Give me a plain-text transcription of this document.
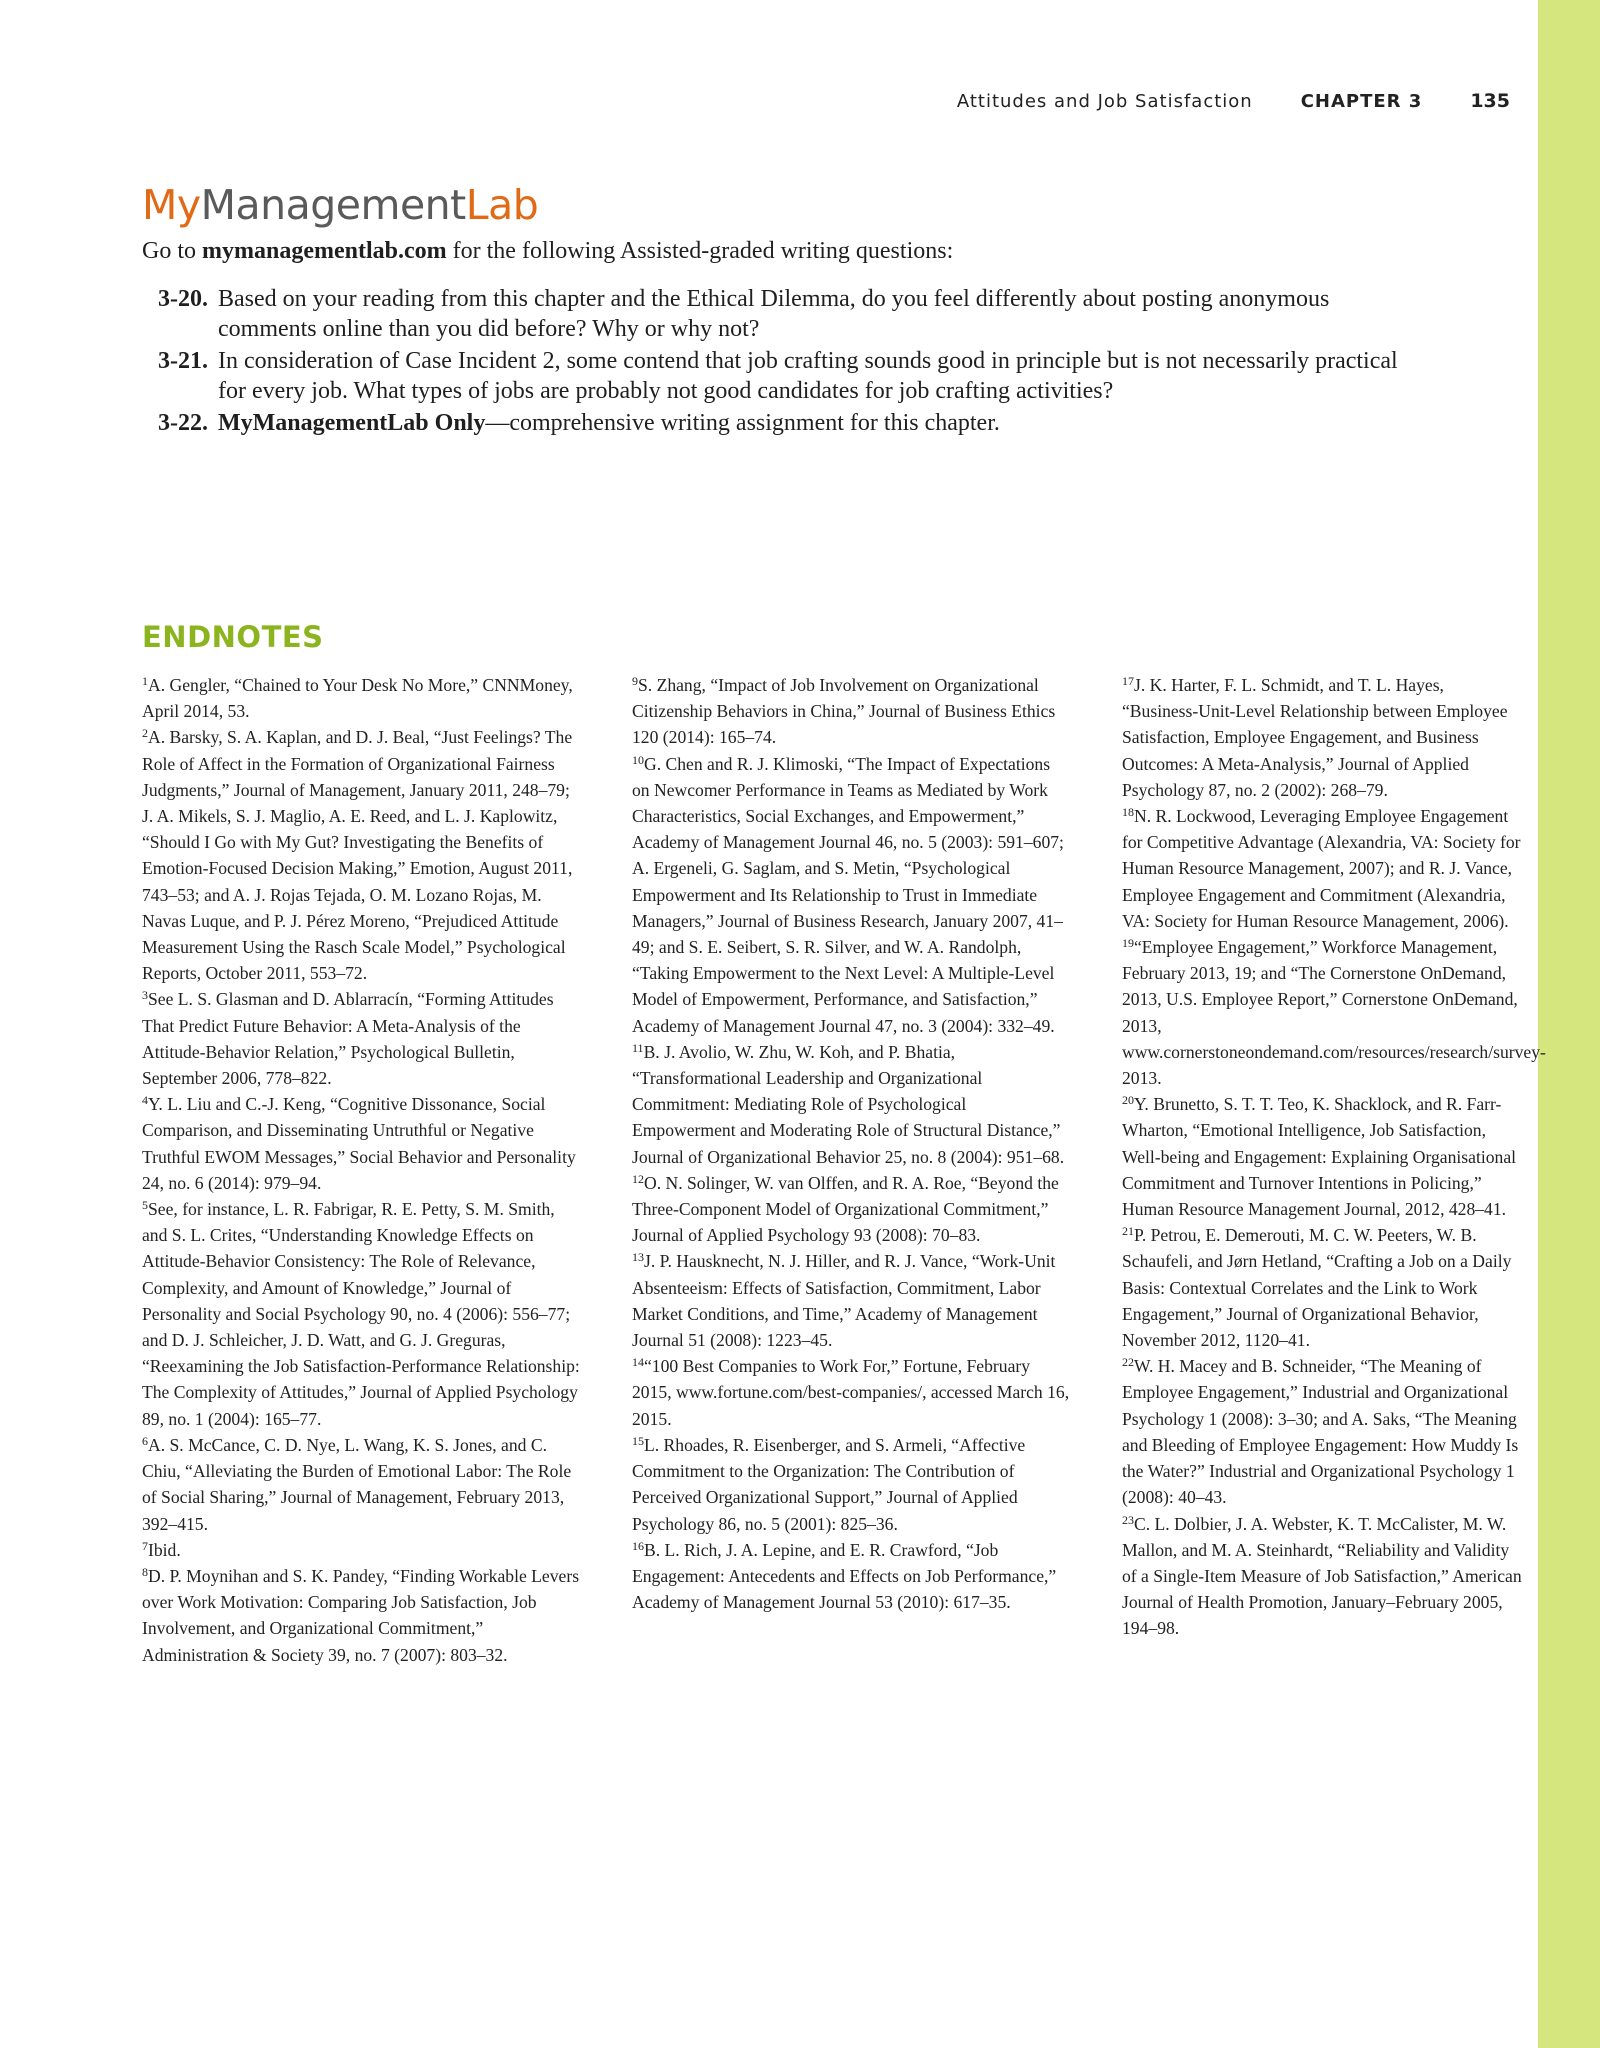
Attitudes and Job Satisfaction	CHAPTER 3	135
MyManagementLab
Go to mymanagementlab.com for the following Assisted-graded writing questions:
3-20. Based on your reading from this chapter and the Ethical Dilemma, do you feel differently about posting anonymous comments online than you did before? Why or why not?
3-21. In consideration of Case Incident 2, some contend that job crafting sounds good in principle but is not necessarily practical for every job. What types of jobs are probably not good candidates for job crafting activities?
3-22. MyManagementLab Only—comprehensive writing assignment for this chapter.
ENDNOTES

$^1$A. Gengler, “Chained to Your Desk No More,” CNNMoney, April 2014, 53.

$^2$A. Barsky, S. A. Kaplan, and D. J. Beal, “Just Feelings? The Role of Affect in the Formation of Organizational Fairness Judgments,” Journal of Management, January 2011, 248–79; J. A. Mikels, S. J. Maglio, A. E. Reed, and L. J. Kaplowitz, “Should I Go with My Gut? Investigating the Benefits of Emotion-Focused Decision Making,” Emotion, August 2011, 743–53; and A. J. Rojas Tejada, O. M. Lozano Rojas, M. Navas Luque, and P. J. Pérez Moreno, “Prejudiced Attitude Measurement Using the Rasch Scale Model,” Psychological Reports, October 2011, 553–72.

$^3$See L. S. Glasman and D. Ablarracín, “Forming Attitudes That Predict Future Behavior: A Meta-Analysis of the Attitude-Behavior Relation,” Psychological Bulletin, September 2006, 778–822.

$^4$Y. L. Liu and C.-J. Keng, “Cognitive Dissonance, Social Comparison, and Disseminating Untruthful or Negative Truthful EWOM Messages,” Social Behavior and Personality 24, no. 6 (2014): 979–94.

$^5$See, for instance, L. R. Fabrigar, R. E. Petty, S. M. Smith, and S. L. Crites, “Understanding Knowledge Effects on Attitude-Behavior Consistency: The Role of Relevance, Complexity, and Amount of Knowledge,” Journal of Personality and Social Psychology 90, no. 4 (2006): 556–77; and D. J. Schleicher, J. D. Watt, and G. J. Greguras, “Reexamining the Job Satisfaction-Performance Relationship: The Complexity of Attitudes,” Journal of Applied Psychology 89, no. 1 (2004): 165–77.

$^6$A. S. McCance, C. D. Nye, L. Wang, K. S. Jones, and C. Chiu, “Alleviating the Burden of Emotional Labor: The Role of Social Sharing,” Journal of Management, February 2013, 392–415.

$^7$Ibid.

$^8$D. P. Moynihan and S. K. Pandey, “Finding Workable Levers over Work Motivation: Comparing Job Satisfaction, Job Involvement, and Organizational Commitment,” Administration & Society 39, no. 7 (2007): 803–32.

$^9$S. Zhang, “Impact of Job Involvement on Organizational Citizenship Behaviors in China,” Journal of Business Ethics 120 (2014): 165–74.

$^{10}$G. Chen and R. J. Klimoski, “The Impact of Expectations on Newcomer Performance in Teams as Mediated by Work Characteristics, Social Exchanges, and Empowerment,” Academy of Management Journal 46, no. 5 (2003): 591–607; A. Ergeneli, G. Saglam, and S. Metin, “Psychological Empowerment and Its Relationship to Trust in Immediate Managers,” Journal of Business Research, January 2007, 41–49; and S. E. Seibert, S. R. Silver, and W. A. Randolph, “Taking Empowerment to the Next Level: A Multiple-Level Model of Empowerment, Performance, and Satisfaction,” Academy of Management Journal 47, no. 3 (2004): 332–49.

$^{11}$B. J. Avolio, W. Zhu, W. Koh, and P. Bhatia, “Transformational Leadership and Organizational Commitment: Mediating Role of Psychological Empowerment and Moderating Role of Structural Distance,” Journal of Organizational Behavior 25, no. 8 (2004): 951–68.

$^{12}$O. N. Solinger, W. van Olffen, and R. A. Roe, “Beyond the Three-Component Model of Organizational Commitment,” Journal of Applied Psychology 93 (2008): 70–83.

$^{13}$J. P. Hausknecht, N. J. Hiller, and R. J. Vance, “Work-Unit Absenteeism: Effects of Satisfaction, Commitment, Labor Market Conditions, and Time,” Academy of Management Journal 51 (2008): 1223–45.

$^{14}$“100 Best Companies to Work For,” Fortune, February 2015, www.fortune.com/best-companies/, accessed March 16, 2015.

$^{15}$L. Rhoades, R. Eisenberger, and S. Armeli, “Affective Commitment to the Organization: The Contribution of Perceived Organizational Support,” Journal of Applied Psychology 86, no. 5 (2001): 825–36.

$^{16}$B. L. Rich, J. A. Lepine, and E. R. Crawford, “Job Engagement: Antecedents and Effects on Job Performance,” Academy of Management Journal 53 (2010): 617–35.

$^{17}$J. K. Harter, F. L. Schmidt, and T. L. Hayes, “Business-Unit-Level Relationship between Employee Satisfaction, Employee Engagement, and Business Outcomes: A Meta-Analysis,” Journal of Applied Psychology 87, no. 2 (2002): 268–79.

$^{18}$N. R. Lockwood, Leveraging Employee Engagement for Competitive Advantage (Alexandria, VA: Society for Human Resource Management, 2007); and R. J. Vance, Employee Engagement and Commitment (Alexandria, VA: Society for Human Resource Management, 2006).

$^{19}$“Employee Engagement,” Workforce Management, February 2013, 19; and “The Cornerstone OnDemand, 2013, U.S. Employee Report,” Cornerstone OnDemand, 2013, www.cornerstoneondemand.com/resources/research/survey-2013.

$^{20}$Y. Brunetto, S. T. T. Teo, K. Shacklock, and R. Farr-Wharton, “Emotional Intelligence, Job Satisfaction, Well-being and Engagement: Explaining Organisational Commitment and Turnover Intentions in Policing,” Human Resource Management Journal, 2012, 428–41.

$^{21}$P. Petrou, E. Demerouti, M. C. W. Peeters, W. B. Schaufeli, and Jørn Hetland, “Crafting a Job on a Daily Basis: Contextual Correlates and the Link to Work Engagement,” Journal of Organizational Behavior, November 2012, 1120–41.

$^{22}$W. H. Macey and B. Schneider, “The Meaning of Employee Engagement,” Industrial and Organizational Psychology 1 (2008): 3–30; and A. Saks, “The Meaning and Bleeding of Employee Engagement: How Muddy Is the Water?” Industrial and Organizational Psychology 1 (2008): 40–43.

$^{23}$C. L. Dolbier, J. A. Webster, K. T. McCalister, M. W. Mallon, and M. A. Steinhardt, “Reliability and Validity of a Single-Item Measure of Job Satisfaction,” American Journal of Health Promotion, January–February 2005, 194–98.
